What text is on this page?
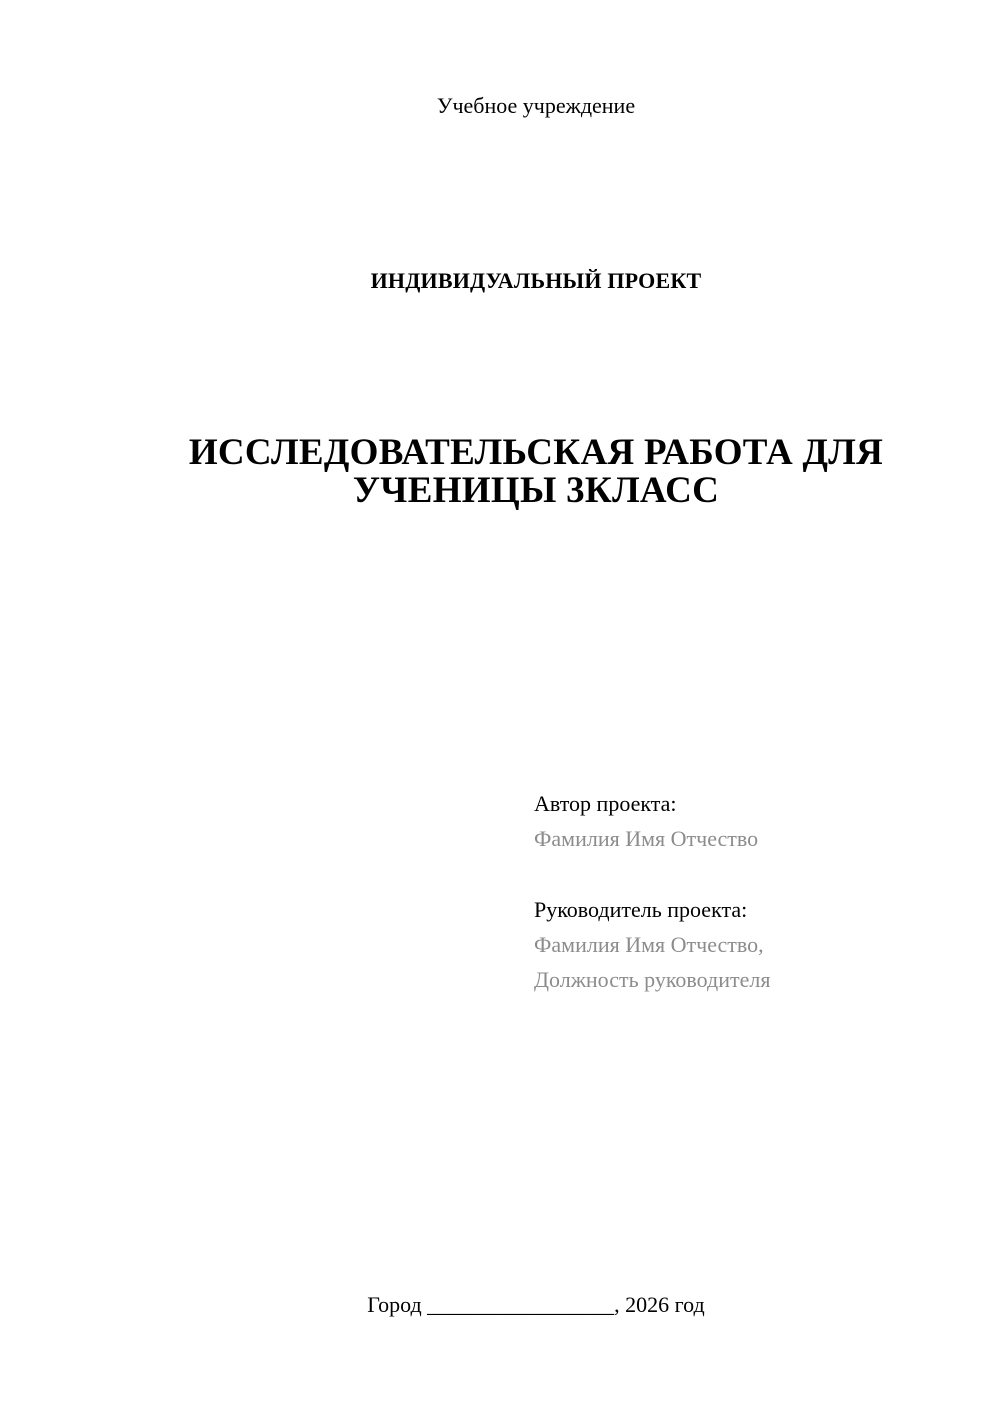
Учебное учреждение
ИНДИВИДУАЛЬНЫЙ ПРОЕКТ
ИССЛЕДОВАТЕЛЬСКАЯ РАБОТА ДЛЯ
УЧЕНИЦЫ 3КЛАСС
Автор проекта:
Фамилия Имя Отчество
Руководитель проекта:
Фамилия Имя Отчество,
Должность руководителя
Город _________________, 2026 год
